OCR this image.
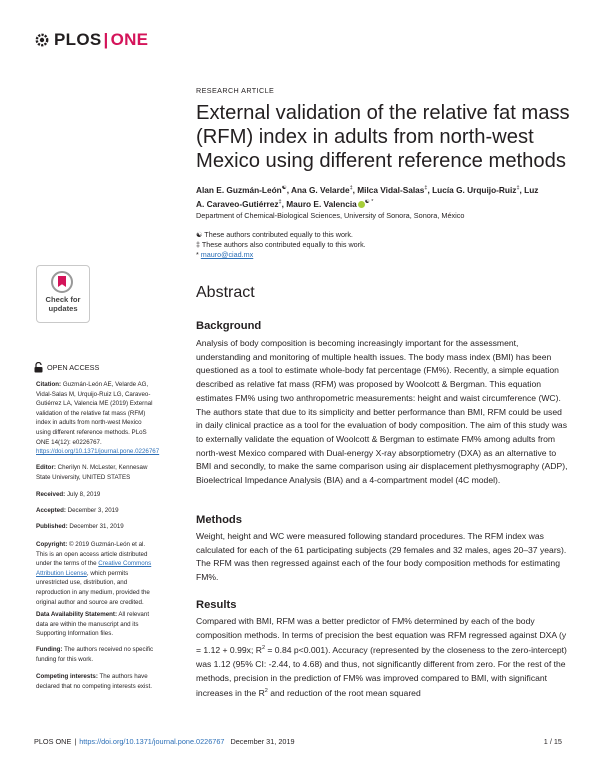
PLOS | ONE
RESEARCH ARTICLE
External validation of the relative fat mass (RFM) index in adults from north-west Mexico using different reference methods
Alan E. Guzmán-León☯, Ana G. Velarde‡, Milca Vidal-Salas‡, Lucía G. Urquijo-Ruiz‡, Luz
A. Caraveo-Gutiérrez‡, Mauro E. Valencia ☯ *
Department of Chemical-Biological Sciences, University of Sonora, Sonora, México
☯ These authors contributed equally to this work.
‡ These authors also contributed equally to this work.
* mauro@ciad.mx
Check for
updates
OPEN ACCESS
Citation: Guzmán-León AE, Velarde AG, Vidal-Salas M, Urquijo-Ruiz LG, Caraveo-Gutiérrez LA, Valencia ME (2019) External validation of the relative fat mass (RFM) index in adults from north-west Mexico using different reference methods. PLoS ONE 14(12): e0226767. https://doi.org/10.1371/journal.pone.0226767
Editor: Cherilyn N. McLester, Kennesaw State University, UNITED STATES
Received: July 8, 2019
Accepted: December 3, 2019
Published: December 31, 2019
Copyright: © 2019 Guzmán-León et al. This is an open access article distributed under the terms of the Creative Commons Attribution License, which permits unrestricted use, distribution, and reproduction in any medium, provided the original author and source are credited.
Data Availability Statement: All relevant data are within the manuscript and its Supporting Information files.
Funding: The authors received no specific funding for this work.
Competing interests: The authors have declared that no competing interests exist.
Abstract
Background
Analysis of body composition is becoming increasingly important for the assessment, understanding and monitoring of multiple health issues. The body mass index (BMI) has been questioned as a tool to estimate whole-body fat percentage (FM%). Recently, a simple equation described as relative fat mass (RFM) was proposed by Woolcott & Bergman. This equation estimates FM% using two anthropometric measurements: height and waist circumference (WC). The authors state that due to its simplicity and better performance than BMI, RFM could be used in daily clinical practice as a tool for the evaluation of body composition. The aim of this study was to externally validate the equation of Woolcott & Bergman to estimate FM% among adults from north-west Mexico compared with Dual-energy X-ray absorptiometry (DXA) as an alternative to BMI and secondly, to make the same comparison using air displacement plethysmography (ADP), Bioelectrical Impedance Analysis (BIA) and a 4-compartment model (4C model).
Methods
Weight, height and WC were measured following standard procedures. The RFM index was calculated for each of the 61 participating subjects (29 females and 32 males, ages 20–37 years). The RFM was then regressed against each of the four body composition methods for estimating FM%.
Results
Compared with BMI, RFM was a better predictor of FM% determined by each of the body composition methods. In terms of precision the best equation was RFM regressed against DXA (y = 1.12 + 0.99x; $R^2 = 0.84$ p<0.001). Accuracy (represented by the closeness to the zero-intercept) was 1.12 (95% CI: -2.44, to 4.68) and thus, not significantly different from zero. For the rest of the methods, precision in the prediction of FM% was improved compared to BMI, with significant increases in the $R^2$ and reduction of the root mean squared
PLOS ONE | https://doi.org/10.1371/journal.pone.0226767 December 31, 2019	1 / 15
